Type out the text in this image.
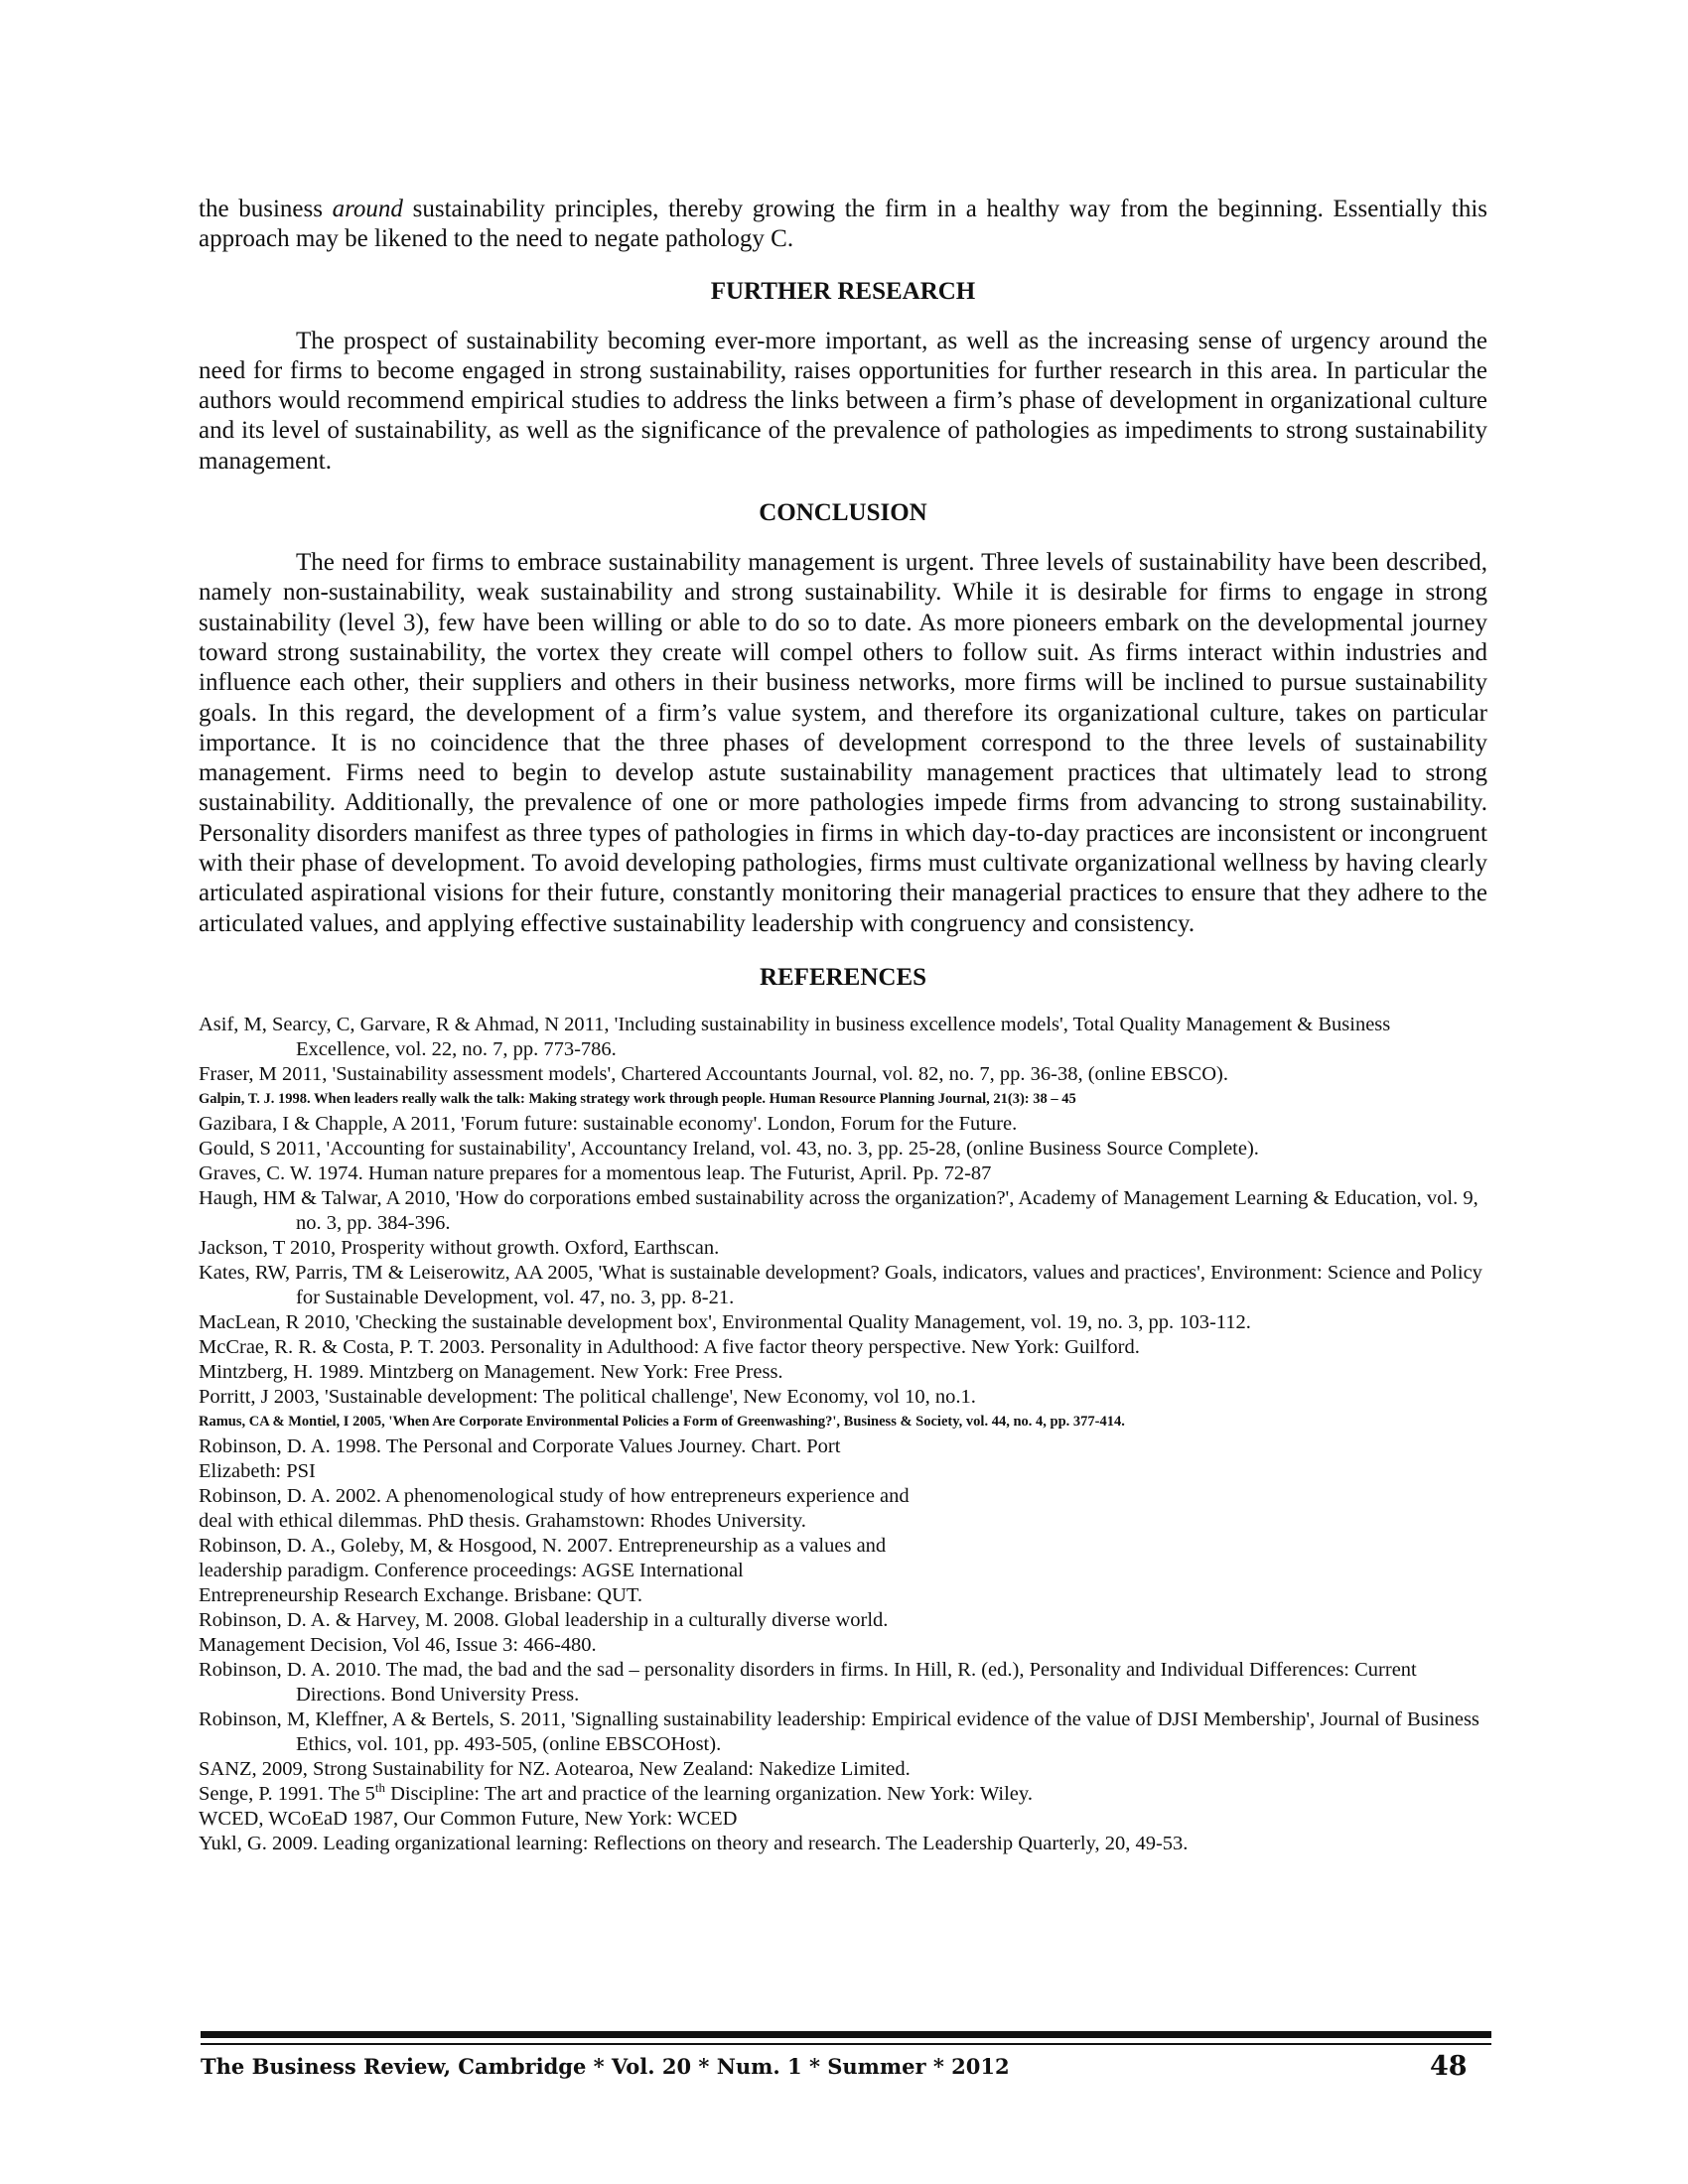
the business around sustainability principles, thereby growing the firm in a healthy way from the beginning. Essentially this approach may be likened to the need to negate pathology C.

FURTHER RESEARCH

The prospect of sustainability becoming ever-more important, as well as the increasing sense of urgency around the need for firms to become engaged in strong sustainability, raises opportunities for further research in this area. In particular the authors would recommend empirical studies to address the links between a firm’s phase of development in organizational culture and its level of sustainability, as well as the significance of the prevalence of pathologies as impediments to strong sustainability management.

CONCLUSION

The need for firms to embrace sustainability management is urgent. Three levels of sustainability have been described, namely non-sustainability, weak sustainability and strong sustainability. While it is desirable for firms to engage in strong sustainability (level 3), few have been willing or able to do so to date. As more pioneers embark on the developmental journey toward strong sustainability, the vortex they create will compel others to follow suit. As firms interact within industries and influence each other, their suppliers and others in their business networks, more firms will be inclined to pursue sustainability goals. In this regard, the development of a firm’s value system, and therefore its organizational culture, takes on particular importance. It is no coincidence that the three phases of development correspond to the three levels of sustainability management. Firms need to begin to develop astute sustainability management practices that ultimately lead to strong sustainability. Additionally, the prevalence of one or more pathologies impede firms from advancing to strong sustainability. Personality disorders manifest as three types of pathologies in firms in which day-to-day practices are inconsistent or incongruent with their phase of development. To avoid developing pathologies, firms must cultivate organizational wellness by having clearly articulated aspirational visions for their future, constantly monitoring their managerial practices to ensure that they adhere to the articulated values, and applying effective sustainability leadership with congruency and consistency.

REFERENCES

Asif, M, Searcy, C, Garvare, R & Ahmad, N 2011, 'Including sustainability in business excellence models', Total Quality Management & Business Excellence, vol. 22, no. 7, pp. 773-786.

Fraser, M 2011, 'Sustainability assessment models', Chartered Accountants Journal, vol. 82, no. 7, pp. 36-38, (online EBSCO).

Galpin, T. J. 1998. When leaders really walk the talk: Making strategy work through people. Human Resource Planning Journal, 21(3): 38 – 45

Gazibara, I & Chapple, A 2011, 'Forum future: sustainable economy'. London, Forum for the Future.

Gould, S 2011, 'Accounting for sustainability', Accountancy Ireland, vol. 43, no. 3, pp. 25-28, (online Business Source Complete).

Graves, C. W. 1974. Human nature prepares for a momentous leap. The Futurist, April. Pp. 72-87

Haugh, HM & Talwar, A 2010, 'How do corporations embed sustainability across the organization?', Academy of Management Learning & Education, vol. 9, no. 3, pp. 384-396.

Jackson, T 2010, Prosperity without growth. Oxford, Earthscan.

Kates, RW, Parris, TM & Leiserowitz, AA 2005, 'What is sustainable development? Goals, indicators, values and practices', Environment: Science and Policy for Sustainable Development, vol. 47, no. 3, pp. 8-21.

MacLean, R 2010, 'Checking the sustainable development box', Environmental Quality Management, vol. 19, no. 3, pp. 103-112.

McCrae, R. R. & Costa, P. T. 2003. Personality in Adulthood: A five factor theory perspective. New York: Guilford.

Mintzberg, H. 1989. Mintzberg on Management. New York: Free Press.

Porritt, J 2003, 'Sustainable development: The political challenge', New Economy, vol 10, no.1.

Ramus, CA & Montiel, I 2005, 'When Are Corporate Environmental Policies a Form of Greenwashing?', Business & Society, vol. 44, no. 4, pp. 377-414.

Robinson, D. A. 1998. The Personal and Corporate Values Journey. Chart. Port

Elizabeth: PSI

Robinson, D. A. 2002. A phenomenological study of how entrepreneurs experience and

deal with ethical dilemmas. PhD thesis. Grahamstown: Rhodes University.

Robinson, D. A., Goleby, M, & Hosgood, N. 2007. Entrepreneurship as a values and

leadership paradigm. Conference proceedings: AGSE International

Entrepreneurship Research Exchange. Brisbane: QUT.

Robinson, D. A. & Harvey, M. 2008. Global leadership in a culturally diverse world.

Management Decision, Vol 46, Issue 3: 466-480.

Robinson, D. A. 2010. The mad, the bad and the sad – personality disorders in firms. In Hill, R. (ed.), Personality and Individual Differences: Current Directions. Bond University Press.

Robinson, M, Kleffner, A & Bertels, S. 2011, 'Signalling sustainability leadership: Empirical evidence of the value of DJSI Membership', Journal of Business Ethics, vol. 101, pp. 493-505, (online EBSCOHost).

SANZ, 2009, Strong Sustainability for NZ. Aotearoa, New Zealand: Nakedize Limited.

Senge, P. 1991. The 5th Discipline: The art and practice of the learning organization. New York: Wiley.

WCED, WCoEaD 1987, Our Common Future, New York: WCED

Yukl, G. 2009. Leading organizational learning: Reflections on theory and research. The Leadership Quarterly, 20, 49-53.

The Business Review, Cambridge * Vol. 20 * Num. 1 * Summer * 2012	48
